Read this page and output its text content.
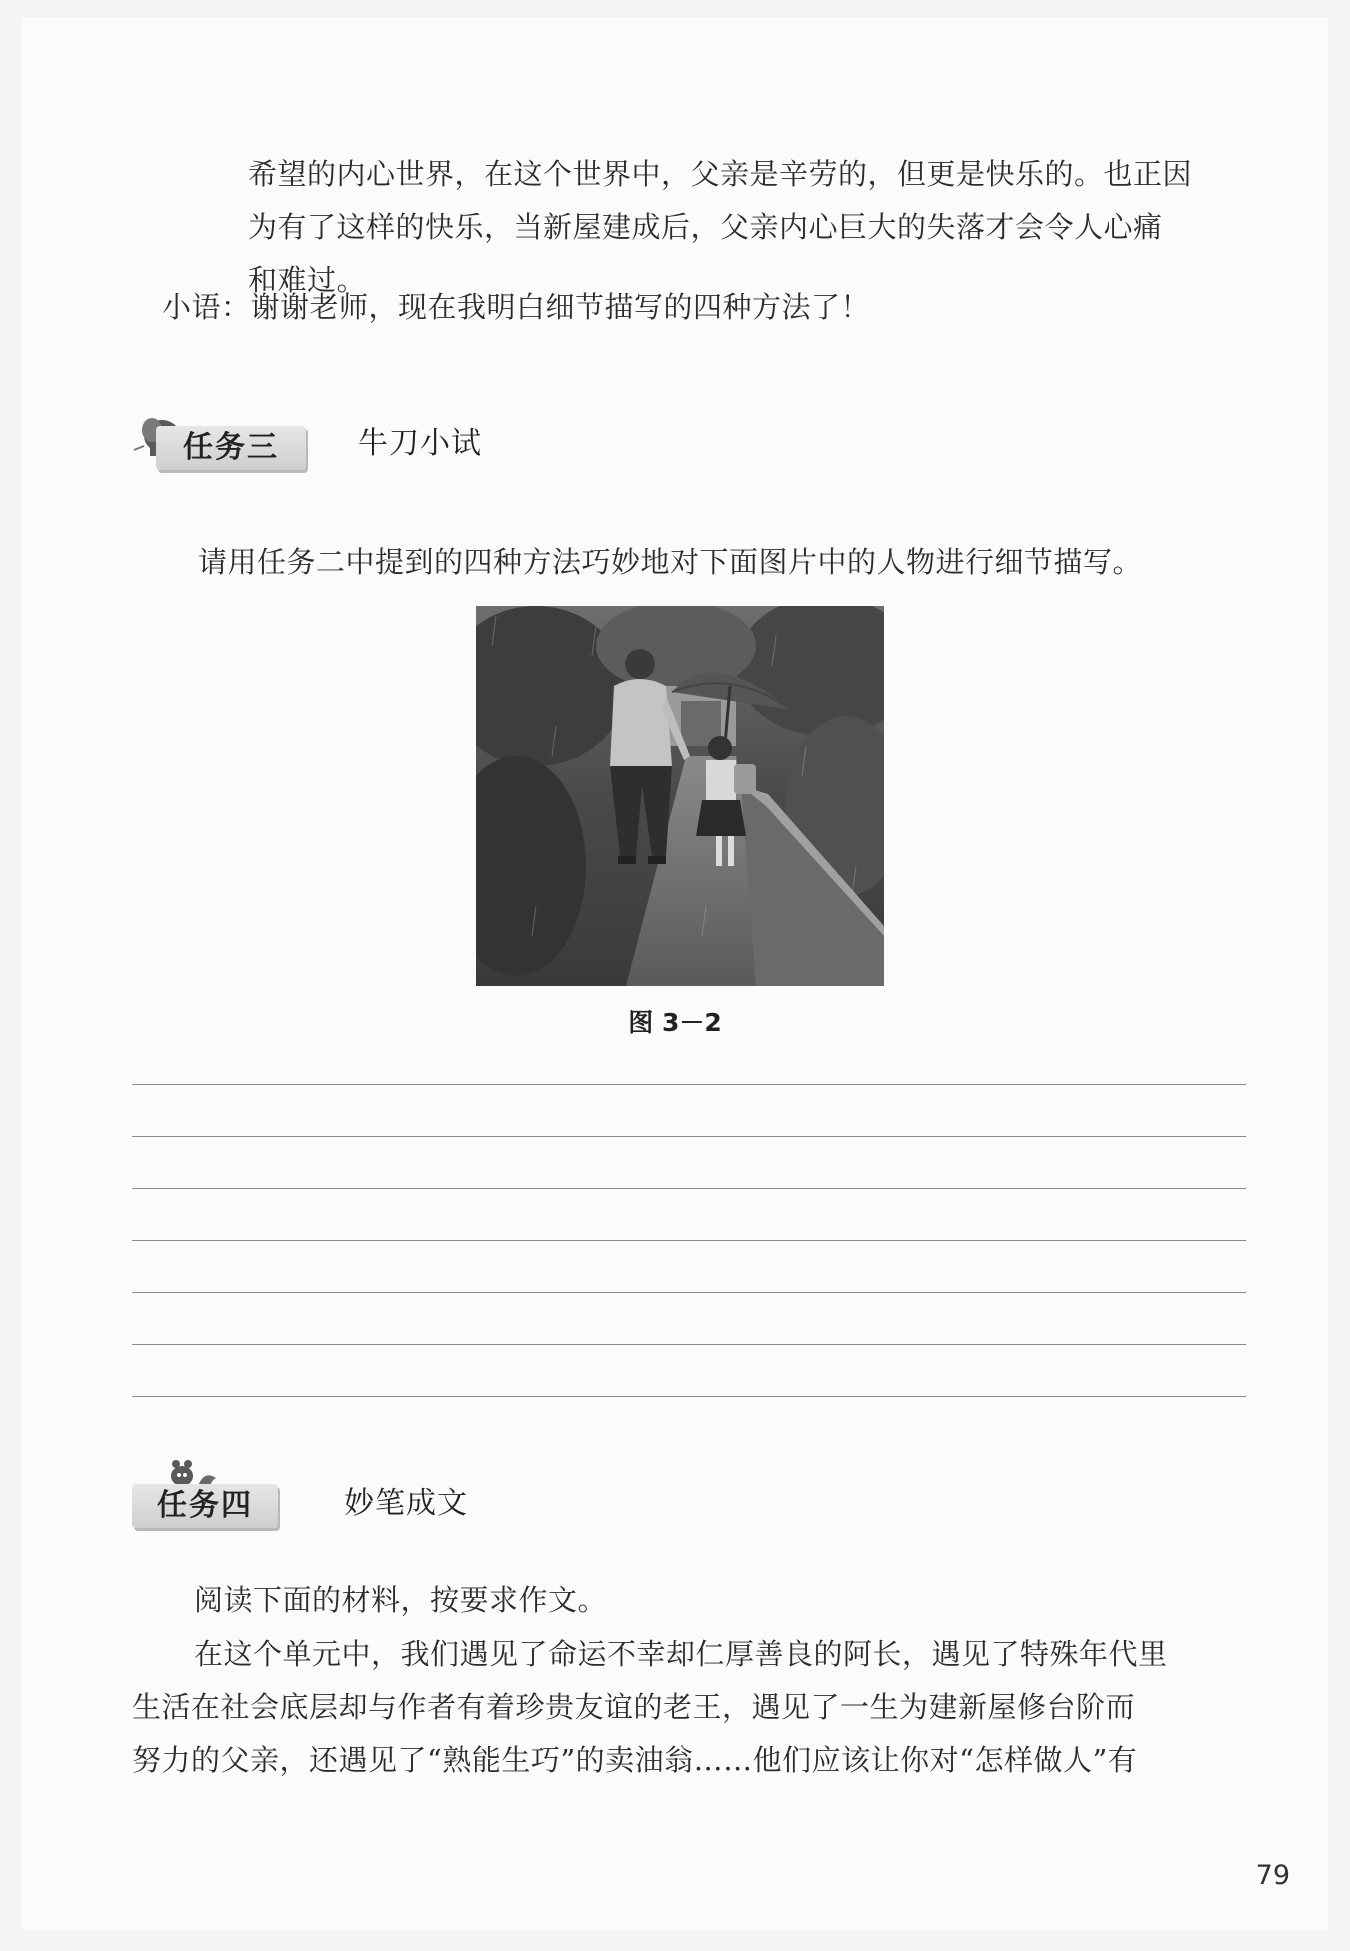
希望的内心世界，在这个世界中，父亲是辛劳的，但更是快乐的。也正因
为有了这样的快乐，当新屋建成后，父亲内心巨大的失落才会令人心痛
和难过。
小语：谢谢老师，现在我明白细节描写的四种方法了！
任务三	牛刀小试
请用任务二中提到的四种方法巧妙地对下面图片中的人物进行细节描写。
图 3－2
任务四	妙笔成文
阅读下面的材料，按要求作文。
在这个单元中，我们遇见了命运不幸却仁厚善良的阿长，遇见了特殊年代里
生活在社会底层却与作者有着珍贵友谊的老王，遇见了一生为建新屋修台阶而
努力的父亲，还遇见了“熟能生巧”的卖油翁……他们应该让你对“怎样做人”有
79
